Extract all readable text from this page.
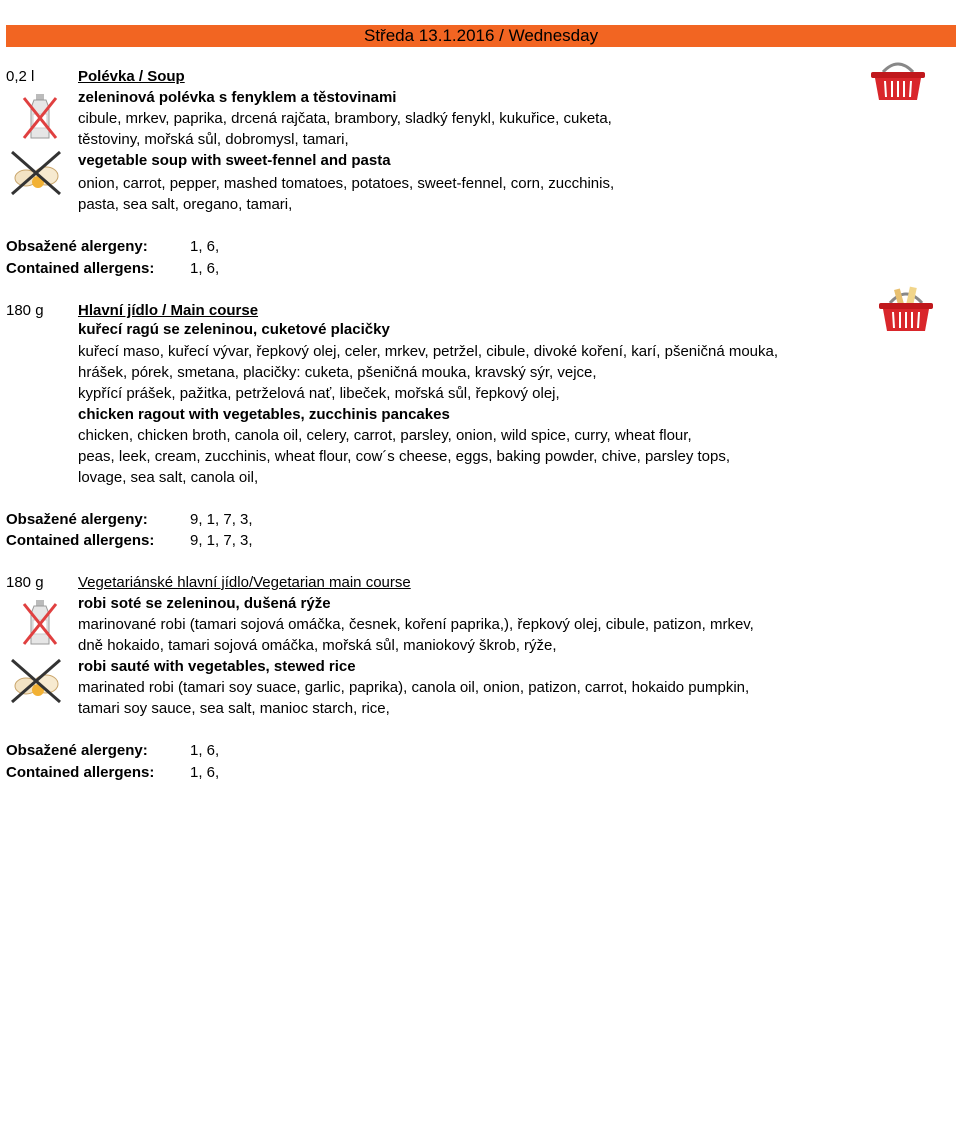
Středa 13.1.2016 / Wednesday
0,2 l	Polévka / Soup
zeleninová polévka s fenyklem a těstovinami
cibule, mrkev, paprika, drcená rajčata, brambory, sladký fenykl, kukuřice, cuketa,
těstoviny, mořská sůl, dobromysl, tamari,
vegetable soup with sweet-fennel and pasta
onion, carrot, pepper, mashed tomatoes, potatoes, sweet-fennel, corn, zucchinis,
pasta, sea salt, oregano, tamari,
Obsažené alergeny:	1, 6,
Contained allergens: 1, 6,
180 g Hlavní jídlo / Main course
kuřecí ragú se zeleninou, cuketové placičky
kuřecí maso, kuřecí vývar, řepkový olej, celer, mrkev, petržel, cibule, divoké koření, karí, pšeničná mouka,
hrášek, pórek, smetana, placičky: cuketa, pšeničná mouka, kravský sýr, vejce,
kypřící prášek, pažitka, petrželová nať, libeček, mořská sůl, řepkový olej,
chicken ragout with vegetables, zucchinis pancakes
chicken, chicken broth, canola oil, celery, carrot, parsley, onion, wild spice, curry, wheat flour,
peas, leek, cream, zucchinis, wheat flour, cow´s cheese, eggs, baking powder, chive, parsley tops,
lovage, sea salt, canola oil,
Obsažené alergeny:	9, 1, 7, 3,
Contained allergens: 9, 1, 7, 3,
180 g Vegetariánské hlavní jídlo/Vegetarian main course
robi soté se zeleninou, dušená rýže
marinované robi (tamari sojová omáčka, česnek, koření paprika,), řepkový olej, cibule, patizon, mrkev,
dně hokaido, tamari sojová omáčka, mořská sůl, maniokový škrob, rýže,
robi sauté with vegetables, stewed rice
marinated robi (tamari soy suace, garlic, paprika), canola oil, onion, patizon, carrot, hokaido pumpkin,
tamari soy sauce, sea salt, manioc starch, rice,
Obsažené alergeny:	1, 6,
Contained allergens: 1, 6,
